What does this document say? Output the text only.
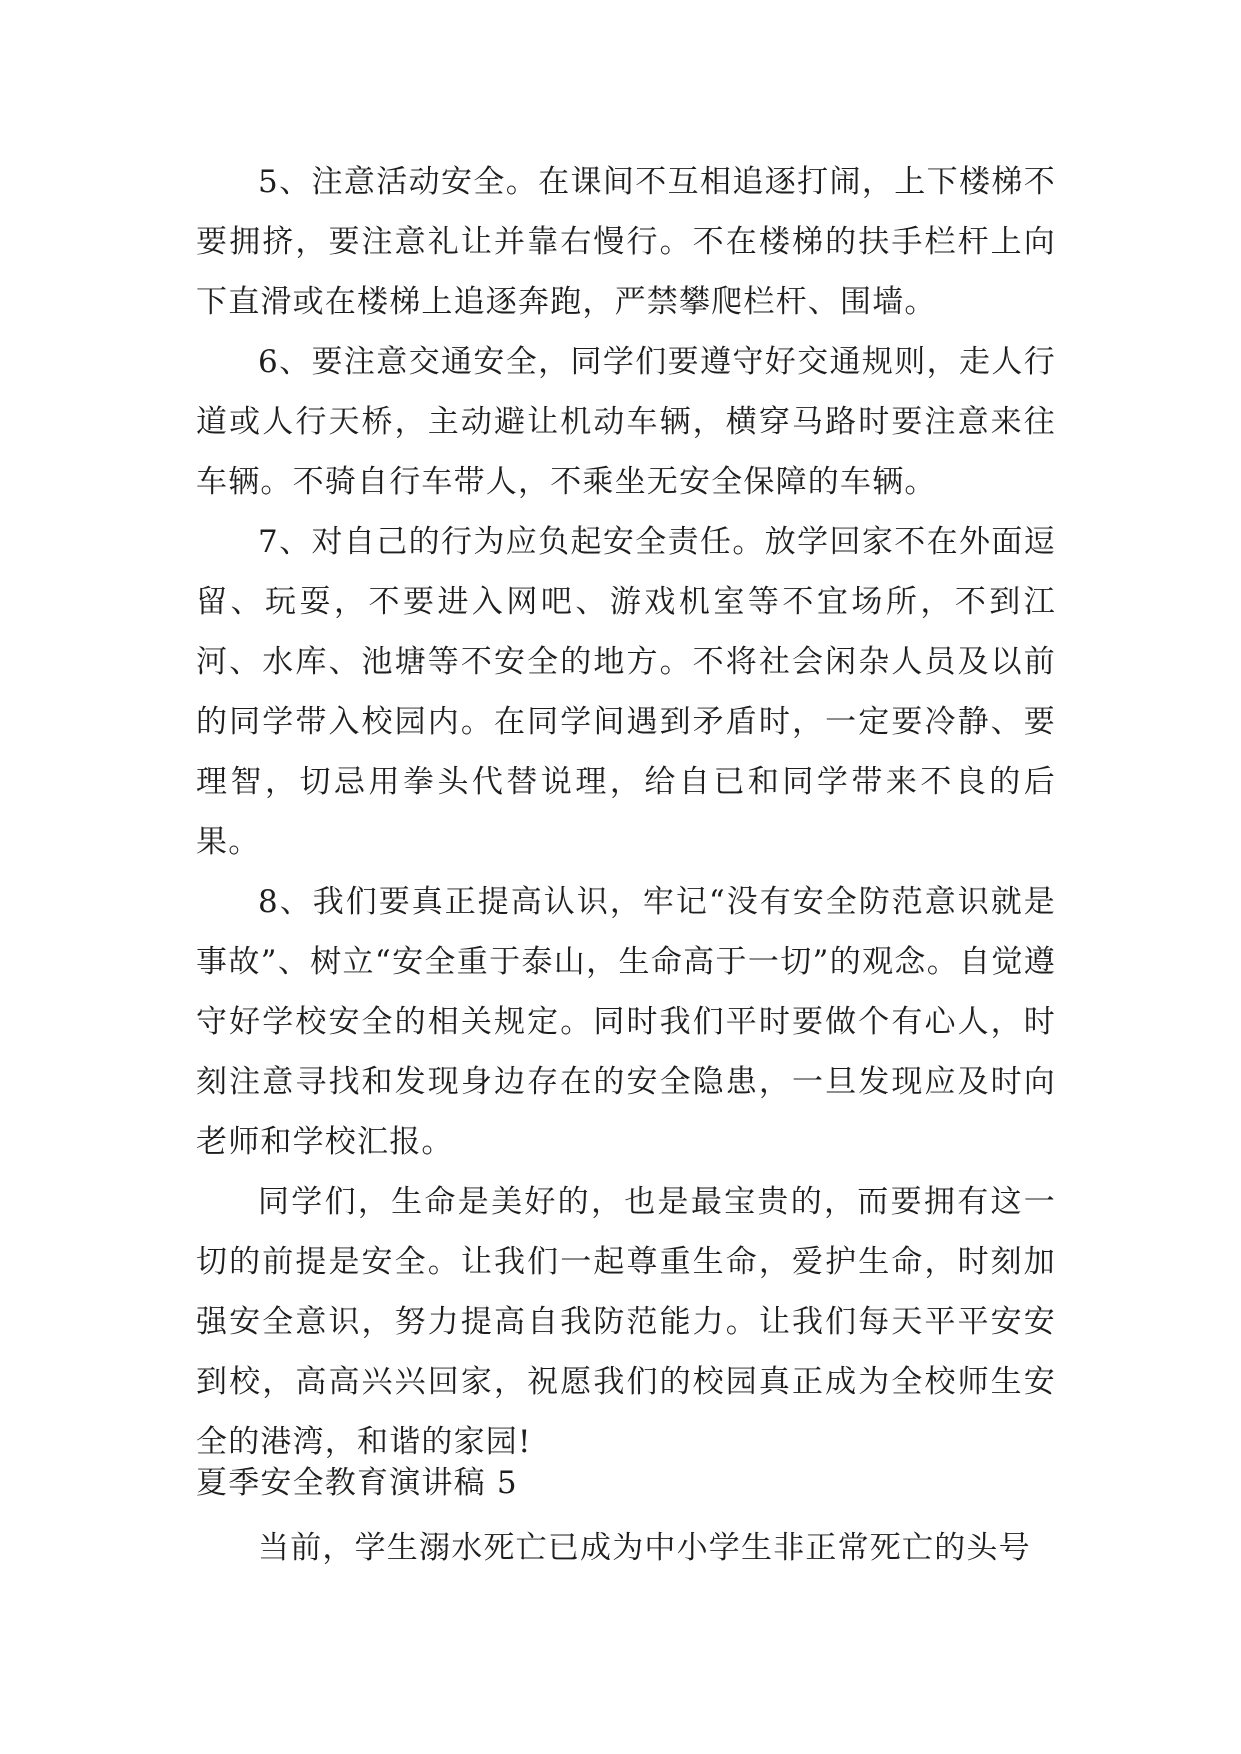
5、注意活动安全。在课间不互相追逐打闹，上下楼梯不要拥挤，要注意礼让并靠右慢行。不在楼梯的扶手栏杆上向下直滑或在楼梯上追逐奔跑，严禁攀爬栏杆、围墙。

6、要注意交通安全，同学们要遵守好交通规则，走人行道或人行天桥，主动避让机动车辆，横穿马路时要注意来往车辆。不骑自行车带人，不乘坐无安全保障的车辆。

7、对自己的行为应负起安全责任。放学回家不在外面逗留、玩耍，不要进入网吧、游戏机室等不宜场所，不到江河、水库、池塘等不安全的地方。不将社会闲杂人员及以前的同学带入校园内。在同学间遇到矛盾时，一定要冷静、要理智，切忌用拳头代替说理，给自已和同学带来不良的后果。

8、我们要真正提高认识，牢记“没有安全防范意识就是事故”、树立“安全重于泰山，生命高于一切”的观念。自觉遵守好学校安全的相关规定。同时我们平时要做个有心人，时刻注意寻找和发现身边存在的安全隐患，一旦发现应及时向老师和学校汇报。

同学们，生命是美好的，也是最宝贵的，而要拥有这一切的前提是安全。让我们一起尊重生命，爱护生命，时刻加强安全意识，努力提高自我防范能力。让我们每天平平安安到校，高高兴兴回家，祝愿我们的校园真正成为全校师生安全的港湾，和谐的家园!

夏季安全教育演讲稿 5

当前，学生溺水死亡已成为中小学生非正常死亡的头号
